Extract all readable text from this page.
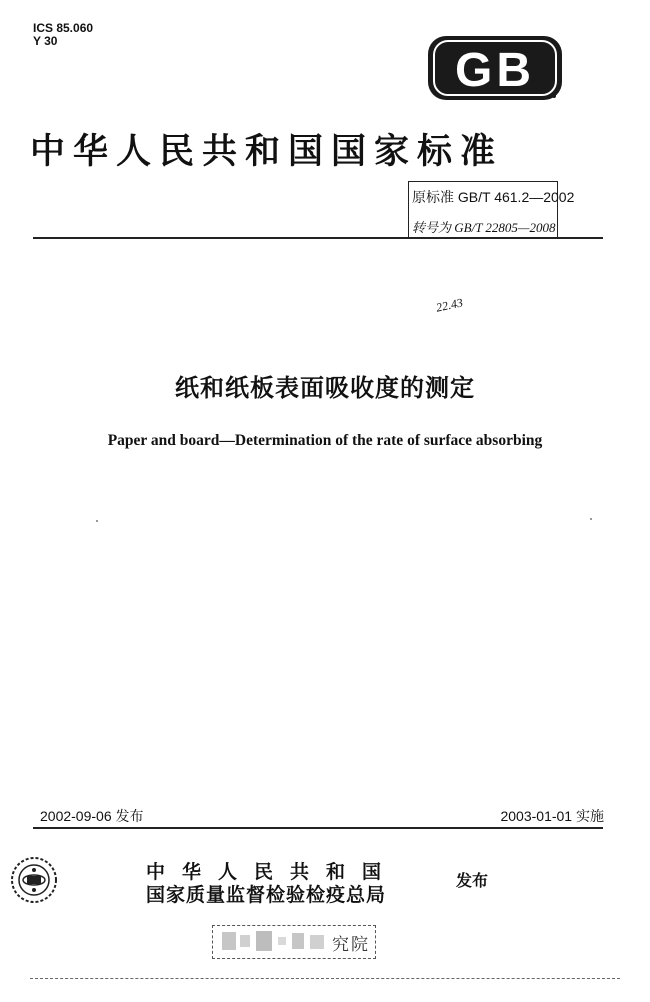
ICS 85.060
Y 30
GB
中华人民共和国国家标准
原标准 GB/T 461.2—2002
转号为 GB/T 22805—2008
22.43
纸和纸板表面吸收度的测定
Paper and board—Determination of the rate of surface absorbing
2002-09-06 发布	2003-01-01 实施
中华人民共和国
国家质量监督检验检疫总局
发布
究院
